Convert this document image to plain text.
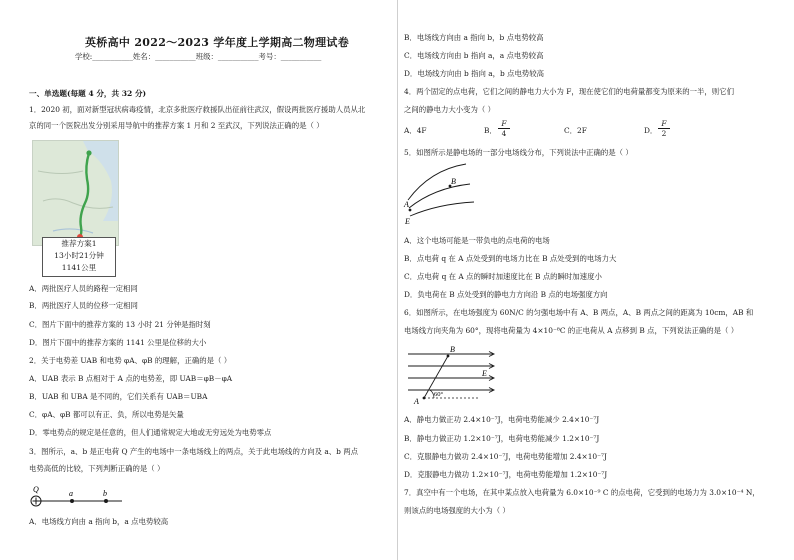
英桥高中 2022～2023 学年度上学期高二物理试卷
学校:___________姓名：___________班级：___________考号：___________
一、单选题(每题 4 分，共 32 分)
1．2020 初，面对新型冠状病毒疫情，北京多批医疗救援队出征前往武汉，假设两批医疗援助人员从北
京的同一个医院出发分别采用导航中的推荐方案 1 月和 2 至武汉，下列说法正确的是（ ）
推荐方案1
13小时21分钟
1141公里
A．两批医疗人员的路程一定相同
B．两批医疗人员的位移一定相同
C．图片下面中的推荐方案的 13 小时 21 分钟是指时刻
D．图片下面中的推荐方案的 1141 公里是位移的大小
2．关于电势差 UAB 和电势 φA、φB 的理解，正确的是（ ）
A．UAB 表示 B 点相对于 A 点的电势差，即 UAB＝φB－φA
B．UAB 和 UBA 是不同的，它们关系有 UAB＝UBA
C．φA、φB 都可以有正、负，所以电势是矢量
D．零电势点的规定是任意的，但人们通常规定大地或无穷远处为电势零点
3．图所示，a、b 是正电荷 Q 产生的电场中一条电场线上的两点，关于此电场线的方向及 a、b 两点
电势高低的比较，下列判断正确的是（ ）
Q	a	b
A．电场线方向由 a 指向 b，a 点电势较高
B．电场线方向由 a 指向 b，b 点电势较高
C．电场线方向由 b 指向 a，a 点电势较高
D．电场线方向由 b 指向 a，b 点电势较高
4．两个固定的点电荷，它们之间的静电力大小为 F，现在使它们的电荷量都变为原来的一半，则它们
之间的静电力大小变为（ ）
A．4F	B． $\frac{F}{4}$	C．2F	D． $\frac{F}{2}$
5．如图所示是静电场的一部分电场线分布，下列说法中正确的是（ ）
B
A
E
A．这个电场可能是一带负电的点电荷的电场
B．点电荷 q 在 A 点处受到的电场力比在 B 点处受到的电场力大
C．点电荷 q 在 A 点的瞬时加速度比在 B 点的瞬时加速度小
D．负电荷在 B 点处受到的静电力方向沿 B 点的电场强度方向
6．如图所示，在电场强度为 60N/C 的匀强电场中有 A、B 两点，A、B 两点之间的距离为 10cm，AB 和
电场线方向夹角为 60°，现将电荷量为 4×10⁻⁸C 的正电荷从 A 点移到 B 点，下列说法正确的是（ ）
B
E
A
60°
A．静电力做正功 2.4×10⁻⁷J，电荷电势能减少 2.4×10⁻⁷J
B．静电力做正功 1.2×10⁻⁷J，电荷电势能减少 1.2×10⁻⁷J
C．克服静电力做功 2.4×10⁻⁷J，电荷电势能增加 2.4×10⁻⁷J
D．克服静电力做功 1.2×10⁻⁷J，电荷电势能增加 1.2×10⁻⁷J
7．真空中有一个电场，在其中某点放入电荷量为 6.0×10⁻⁹ C 的点电荷，它受到的电场力为 3.0×10⁻⁴ N，
则该点的电场强度的大小为（ ）
